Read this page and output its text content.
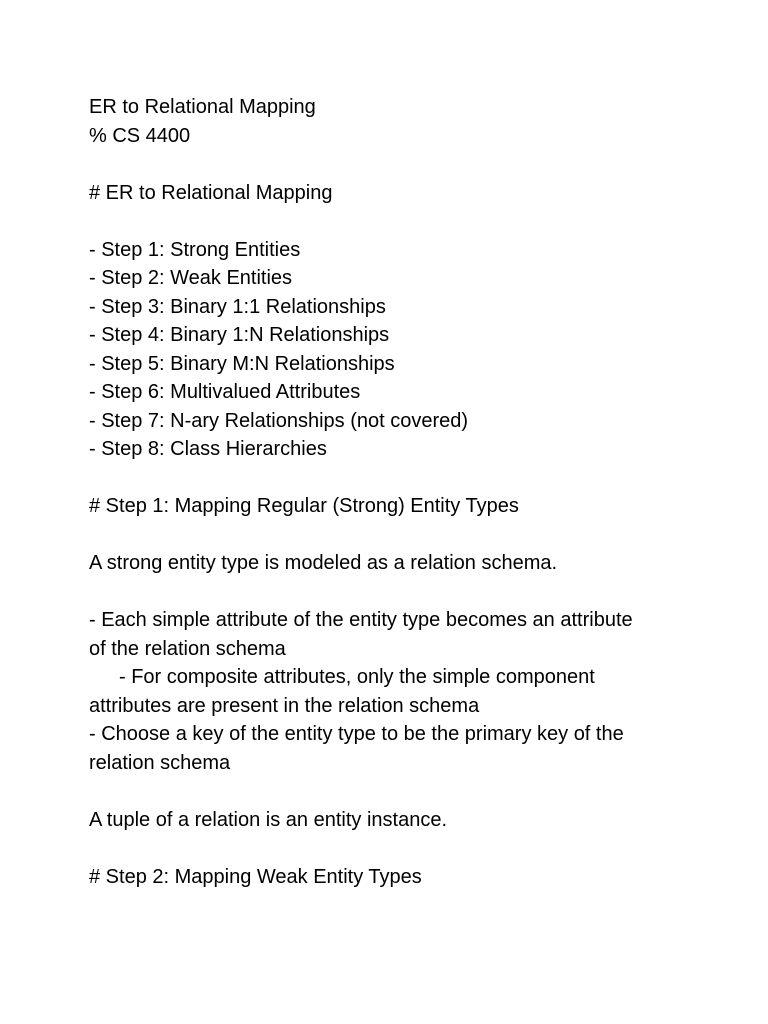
ER to Relational Mapping
% CS 4400
# ER to Relational Mapping
- Step 1: Strong Entities
- Step 2: Weak Entities
- Step 3: Binary 1:1 Relationships
- Step 4: Binary 1:N Relationships
- Step 5: Binary M:N Relationships
- Step 6: Multivalued Attributes
- Step 7: N-ary Relationships (not covered)
- Step 8: Class Hierarchies
# Step 1: Mapping Regular (Strong) Entity Types
A strong entity type is modeled as a relation schema.
- Each simple attribute of the entity type becomes an attribute
of the relation schema
- For composite attributes, only the simple component
attributes are present in the relation schema
- Choose a key of the entity type to be the primary key of the
relation schema
A tuple of a relation is an entity instance.
# Step 2: Mapping Weak Entity Types
